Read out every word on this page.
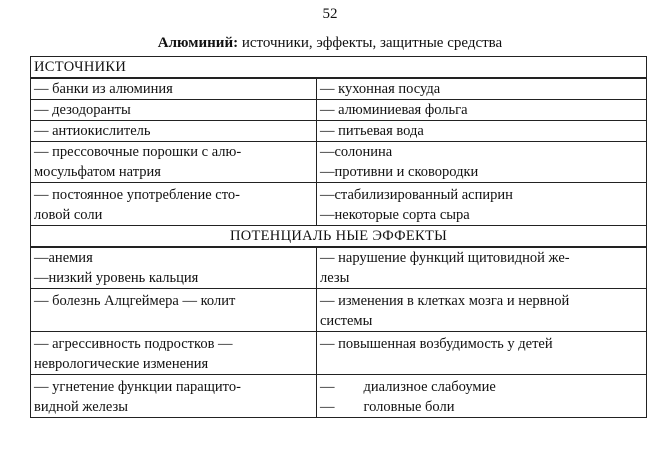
52
Алюминий: источники, эффекты, защитные средства
ИСТОЧНИКИ	

— банки из алюминия	— кухонная посуда

— дезодоранты	— алюминиевая фольга

— антиокислитель	— питьевая вода

— прессовочные порошки с алю-
мосульфатом натрия	—солонина
—противни и сковородки

— постоянное употребление сто-
ловой соли	—стабилизированный аспирин
—некоторые сорта сыра

ПОТЕНЦИАЛЬ НЫЕ ЭФФЕКТЫ	

—анемия
—низкий уровень кальция	— нарушение функций щитовидной же-
лезы

— болезнь Алцгеймера — колит	— изменения в клетках мозга и нервной
системы

— агрессивность подростков —
неврологические изменения	— повышенная возбудимость у детей

— угнетение функции паращито-
видной железы	—        диализное слабоумие
—        головные боли
